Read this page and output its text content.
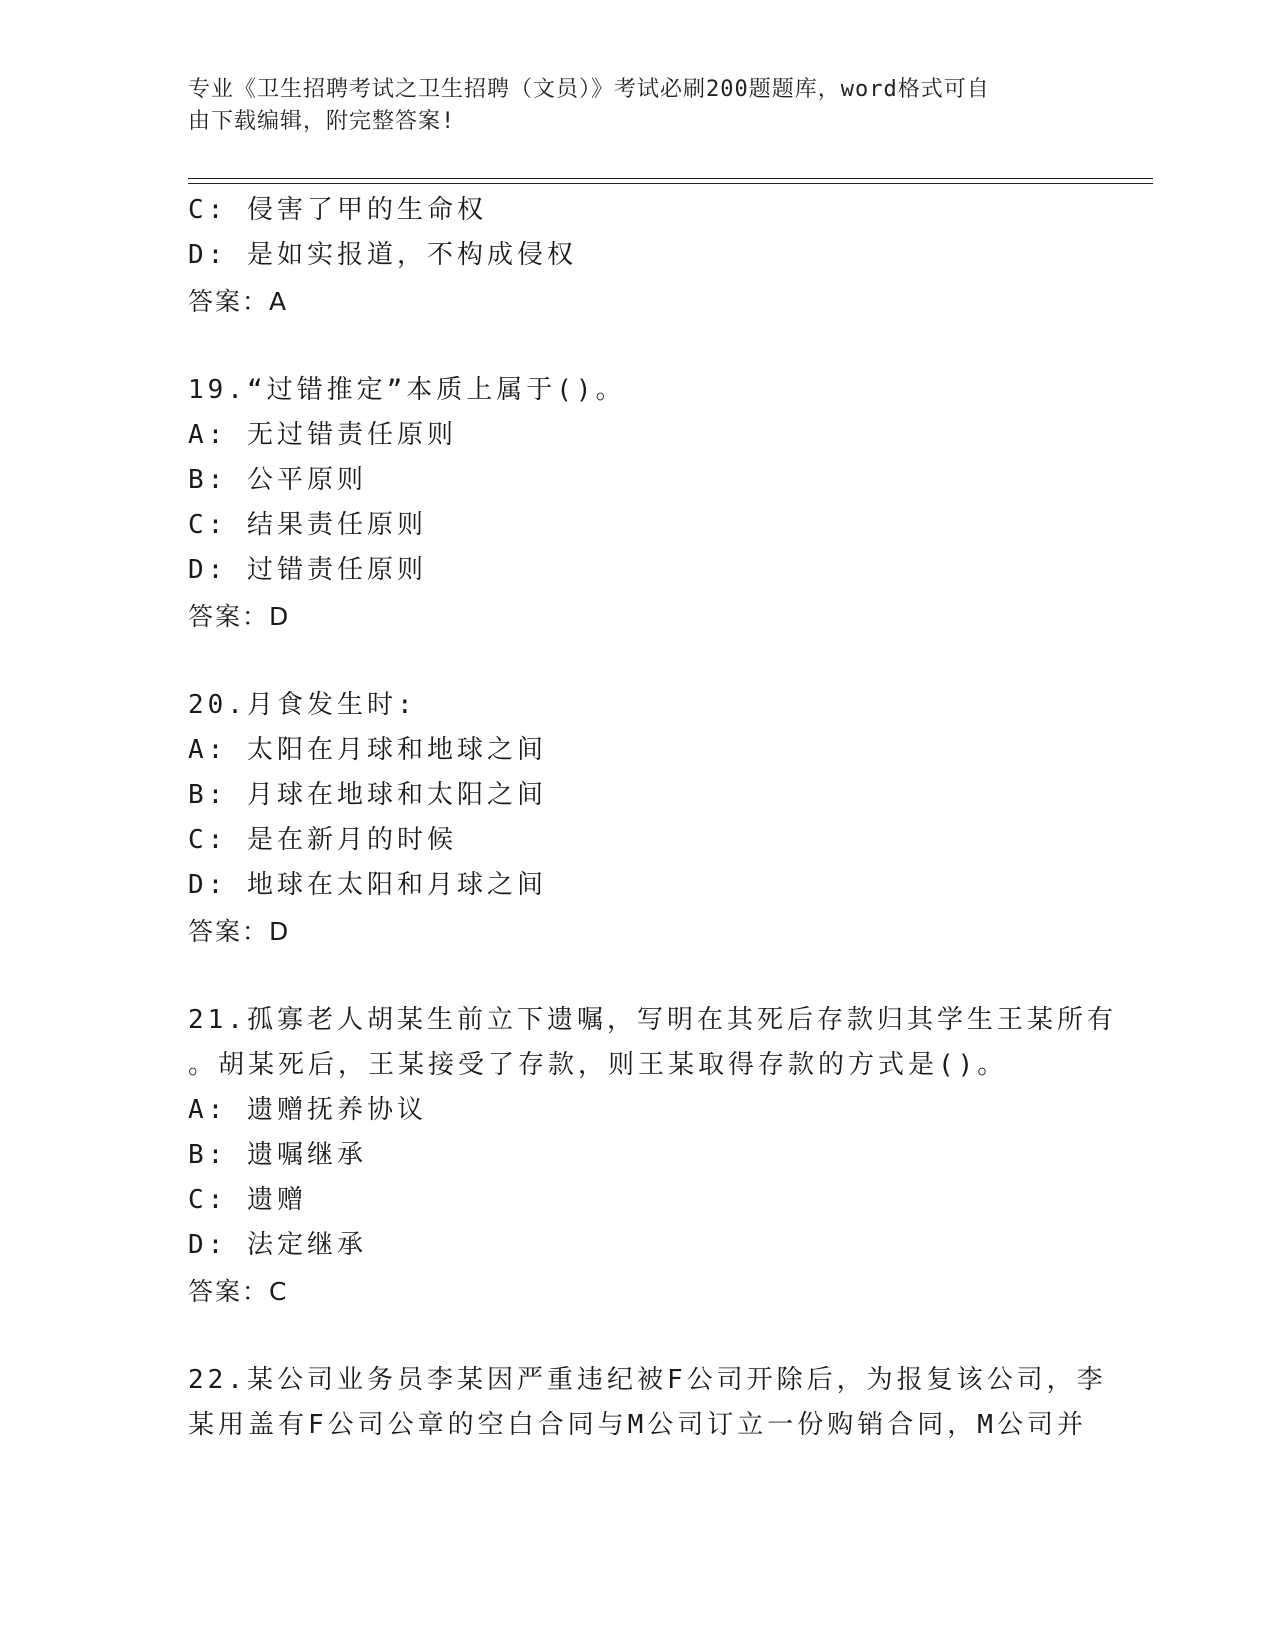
专业《卫生招聘考试之卫生招聘（文员）》考试必刷200题题库，word格式可自
由下载编辑，附完整答案!
C: 侵害了甲的生命权
D: 是如实报道，不构成侵权
答案：A
19.“过错推定”本质上属于()。
A: 无过错责任原则
B: 公平原则
C: 结果责任原则
D: 过错责任原则
答案：D
20.月食发生时:
A: 太阳在月球和地球之间
B: 月球在地球和太阳之间
C: 是在新月的时候
D: 地球在太阳和月球之间
答案：D
21.孤寡老人胡某生前立下遗嘱，写明在其死后存款归其学生王某所有
。胡某死后，王某接受了存款，则王某取得存款的方式是()。
A: 遗赠抚养协议
B: 遗嘱继承
C: 遗赠
D: 法定继承
答案：C
22.某公司业务员李某因严重违纪被F公司开除后，为报复该公司，李
某用盖有F公司公章的空白合同与M公司订立一份购销合同，M公司并
